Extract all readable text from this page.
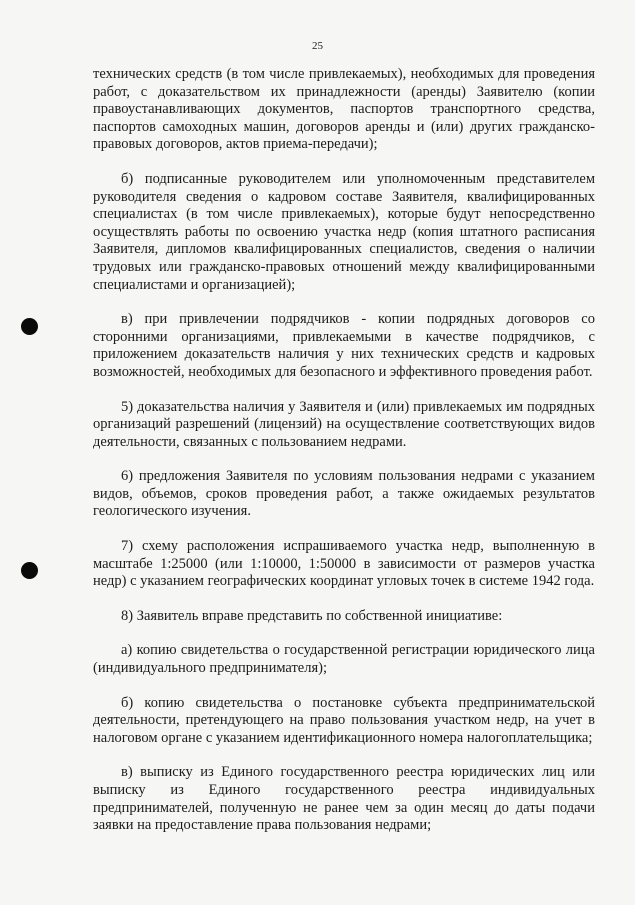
25

технических средств (в том числе привлекаемых), необходимых для проведения работ, с доказательством их принадлежности (аренды) Заявителю (копии правоустанавливающих документов, паспортов транспортного средства, паспортов самоходных машин, договоров аренды и (или) других гражданско-правовых договоров, актов приема-передачи);

б) подписанные руководителем или уполномоченным представителем руководителя сведения о кадровом составе Заявителя, квалифицированных специалистах (в том числе привлекаемых), которые будут непосредственно осуществлять работы по освоению участка недр (копия штатного расписания Заявителя, дипломов квалифицированных специалистов, сведения о наличии трудовых или гражданско-правовых отношений между квалифицированными специалистами и организацией);

в) при привлечении подрядчиков - копии подрядных договоров со сторонними организациями, привлекаемыми в качестве подрядчиков, с приложением доказательств наличия у них технических средств и кадровых возможностей, необходимых для безопасного и эффективного проведения работ.

5) доказательства наличия у Заявителя и (или) привлекаемых им подрядных организаций разрешений (лицензий) на осуществление соответствующих видов деятельности, связанных с пользованием недрами.

6) предложения Заявителя по условиям пользования недрами с указанием видов, объемов, сроков проведения работ, а также ожидаемых результатов геологического изучения.

7) схему расположения испрашиваемого участка недр, выполненную в масштабе 1:25000 (или 1:10000, 1:50000 в зависимости от размеров участка недр) с указанием географических координат угловых точек в системе 1942 года.

8) Заявитель вправе представить по собственной инициативе:

а) копию свидетельства о государственной регистрации юридического лица (индивидуального предпринимателя);

б) копию свидетельства о постановке субъекта предпринимательской деятельности, претендующего на право пользования участком недр, на учет в налоговом органе с указанием идентификационного номера налогоплательщика;

в) выписку из Единого государственного реестра юридических лиц или выписку из Единого государственного реестра индивидуальных предпринимателей, полученную не ранее чем за один месяц до даты подачи заявки на предоставление права пользования недрами;
